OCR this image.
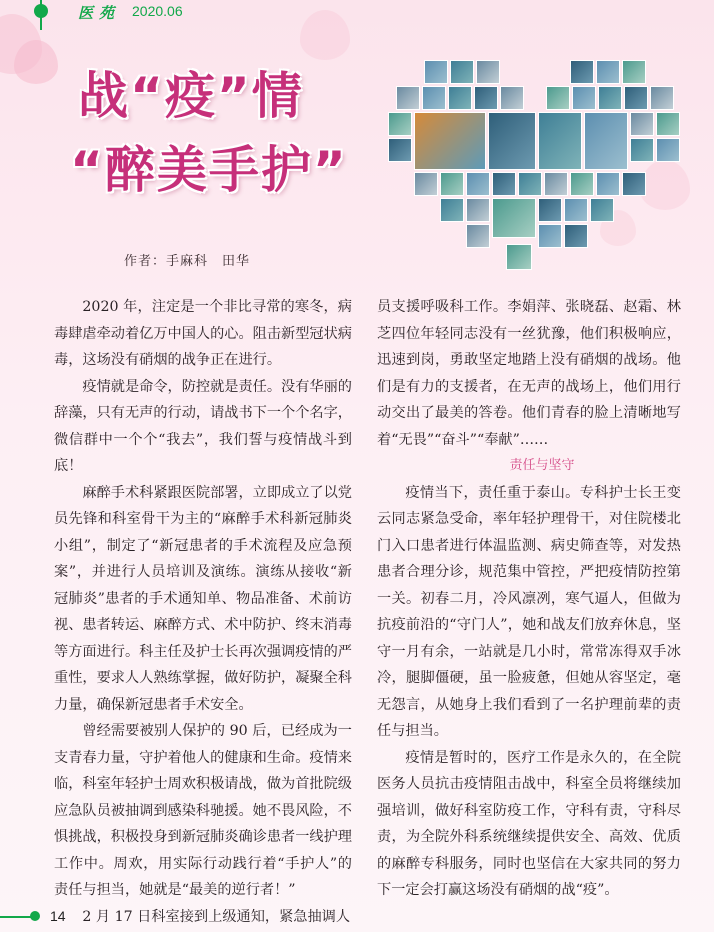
医苑 2020.06
战“疫”情
“醉美手护”
作者：手麻科　田华

2020 年，注定是一个非比寻常的寒冬，病毒肆虐牵动着亿万中国人的心。阻击新型冠状病毒，这场没有硝烟的战争正在进行。

疫情就是命令，防控就是责任。没有华丽的辞藻，只有无声的行动，请战书下一个个名字，微信群中一个个“我去”，我们誓与疫情战斗到底！

麻醉手术科紧跟医院部署，立即成立了以党员先锋和科室骨干为主的“麻醉手术科新冠肺炎小组”，制定了“新冠患者的手术流程及应急预案”，并进行人员培训及演练。演练从接收“新冠肺炎”患者的手术通知单、物品准备、术前访视、患者转运、麻醉方式、术中防护、终末消毒等方面进行。科主任及护士长再次强调疫情的严重性，要求人人熟练掌握，做好防护，凝聚全科力量，确保新冠患者手术安全。

曾经需要被别人保护的 90 后，已经成为一支青春力量，守护着他人的健康和生命。疫情来临，科室年轻护士周欢积极请战，做为首批院级应急队员被抽调到感染科驰援。她不畏风险，不惧挑战，积极投身到新冠肺炎确诊患者一线护理工作中。周欢，用实际行动践行着“手护人”的责任与担当，她就是“最美的逆行者！”

2 月 17 日科室接到上级通知，紧急抽调人

员支援呼吸科工作。李娟萍、张晓磊、赵霜、林芝四位年轻同志没有一丝犹豫，他们积极响应，迅速到岗，勇敢坚定地踏上没有硝烟的战场。他们是有力的支援者，在无声的战场上，他们用行动交出了最美的答卷。他们青春的脸上清晰地写着“无畏”“奋斗”“奉献”……

责任与坚守

疫情当下，责任重于泰山。专科护士长王变云同志紧急受命，率年轻护理骨干，对住院楼北门入口患者进行体温监测、病史筛查等，对发热患者合理分诊，规范集中管控，严把疫情防控第一关。初春二月，冷风凛冽，寒气逼人，但做为抗疫前沿的“守门人”，她和战友们放弃休息，坚守一月有余，一站就是几小时，常常冻得双手冰冷，腿脚僵硬，虽一脸疲惫，但她从容坚定，毫无怨言，从她身上我们看到了一名护理前辈的责任与担当。

疫情是暂时的，医疗工作是永久的，在全院医务人员抗击疫情阻击战中，科室全员将继续加强培训，做好科室防疫工作，守科有责，守科尽责，为全院外科系统继续提供安全、高效、优质的麻醉专科服务，同时也坚信在大家共同的努力下一定会打赢这场没有硝烟的战“疫”。

14
